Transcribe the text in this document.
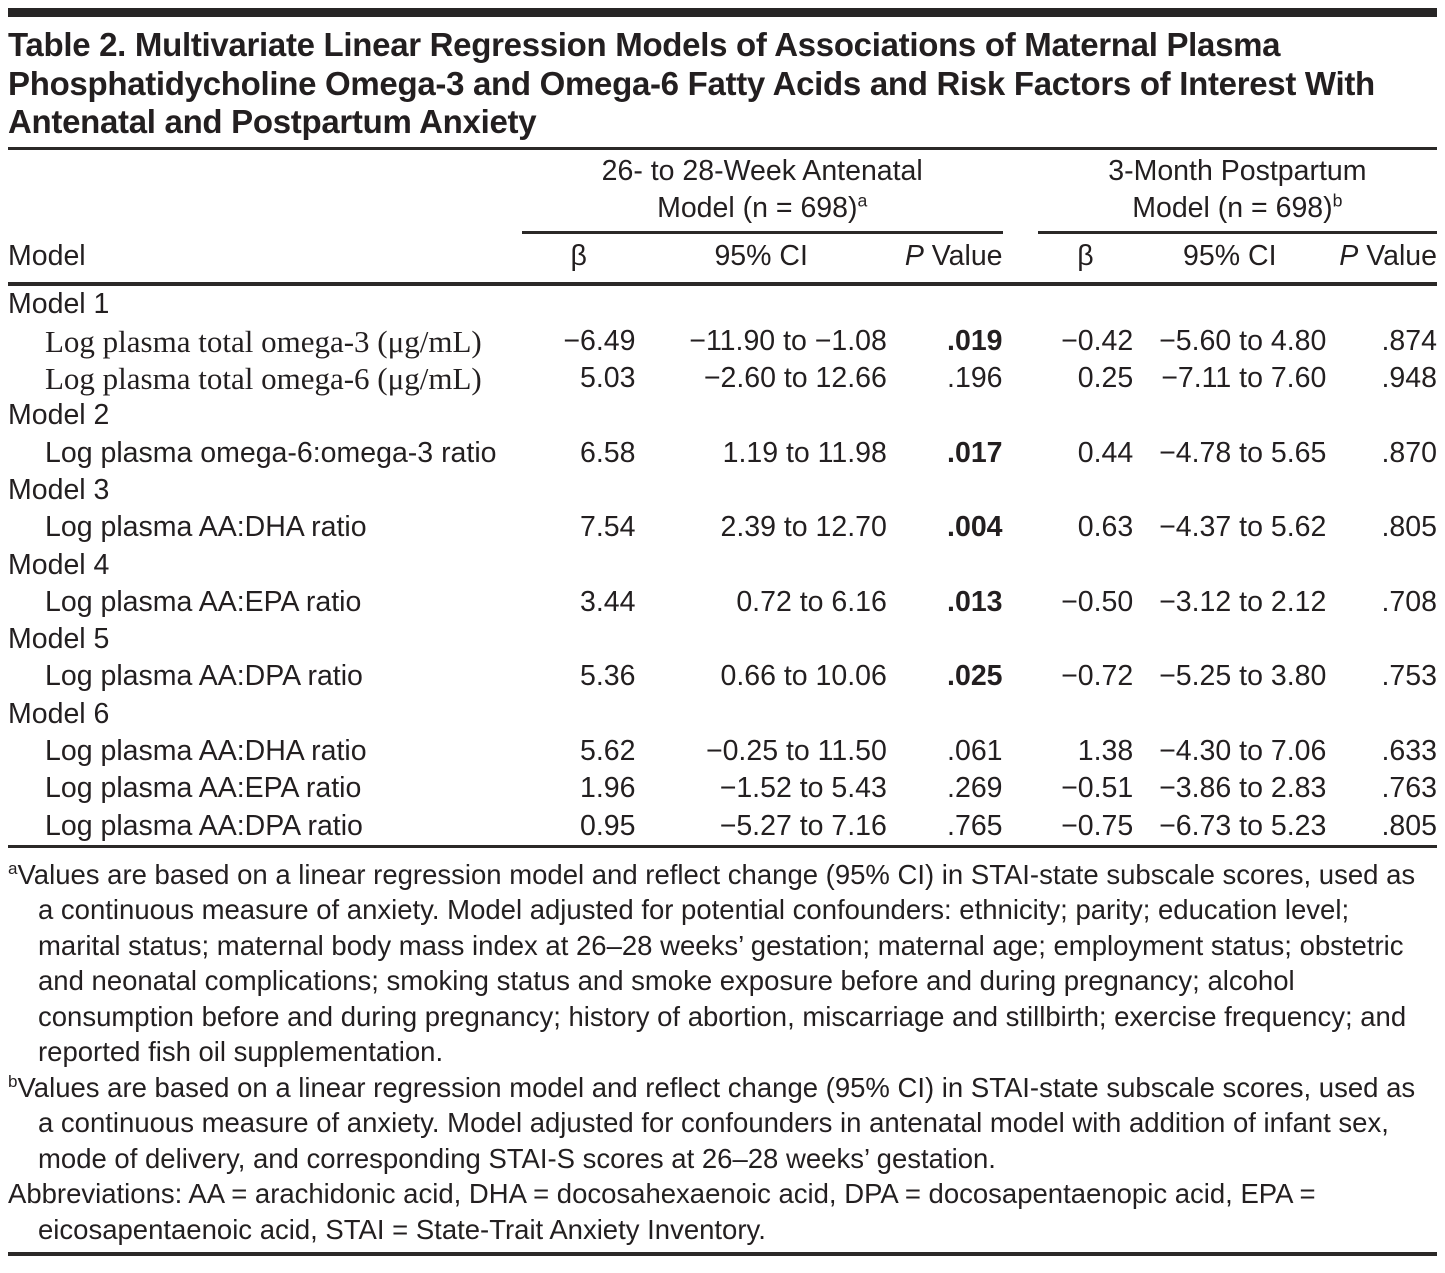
Table 2. Multivariate Linear Regression Models of Associations of Maternal Plasma Phosphatidycholine Omega-3 and Omega-6 Fatty Acids and Risk Factors of Interest With Antenatal and Postpartum Anxiety
Model	26- to 28-Week Antenatal
Model (n = 698)$^a$				3-Month Postpartum
Model (n = 698)$^b$
	β	95% CI	P Value		β	95% CI	P Value
Model 1							
Log plasma total omega-3 (μg/mL)	−6.49	−11.90 to −1.08	.019		−0.42	−5.60 to 4.80	.874
Log plasma total omega-6 (μg/mL)	5.03	−2.60 to 12.66	.196		0.25	−7.11 to 7.60	.948
Model 2							
Log plasma omega-6:omega-3 ratio	6.58	1.19 to 11.98	.017		0.44	−4.78 to 5.65	.870
Model 3							
Log plasma AA:DHA ratio	7.54	2.39 to 12.70	.004		0.63	−4.37 to 5.62	.805
Model 4							
Log plasma AA:EPA ratio	3.44	0.72 to 6.16	.013		−0.50	−3.12 to 2.12	.708
Model 5							
Log plasma AA:DPA ratio	5.36	0.66 to 10.06	.025		−0.72	−5.25 to 3.80	.753
Model 6							
Log plasma AA:DHA ratio	5.62	−0.25 to 11.50	.061		1.38	−4.30 to 7.06	.633
Log plasma AA:EPA ratio	1.96	−1.52 to 5.43	.269		−0.51	−3.86 to 2.83	.763
Log plasma AA:DPA ratio	0.95	−5.27 to 7.16	.765		−0.75	−6.73 to 5.23	.805
$^a$Values are based on a linear regression model and reflect change (95% CI) in STAI-state subscale scores, used as a continuous measure of anxiety. Model adjusted for potential confounders: ethnicity; parity; education level; marital status; maternal body mass index at 26–28 weeks’ gestation; maternal age; employment status; obstetric and neonatal complications; smoking status and smoke exposure before and during pregnancy; alcohol consumption before and during pregnancy; history of abortion, miscarriage and stillbirth; exercise frequency; and reported fish oil supplementation.
$^b$Values are based on a linear regression model and reflect change (95% CI) in STAI-state subscale scores, used as a continuous measure of anxiety. Model adjusted for confounders in antenatal model with addition of infant sex, mode of delivery, and corresponding STAI-S scores at 26–28 weeks’ gestation.
Abbreviations: AA = arachidonic acid, DHA = docosahexaenoic acid, DPA = docosapentaenopic acid, EPA = eicosapentaenoic acid, STAI = State-Trait Anxiety Inventory.
